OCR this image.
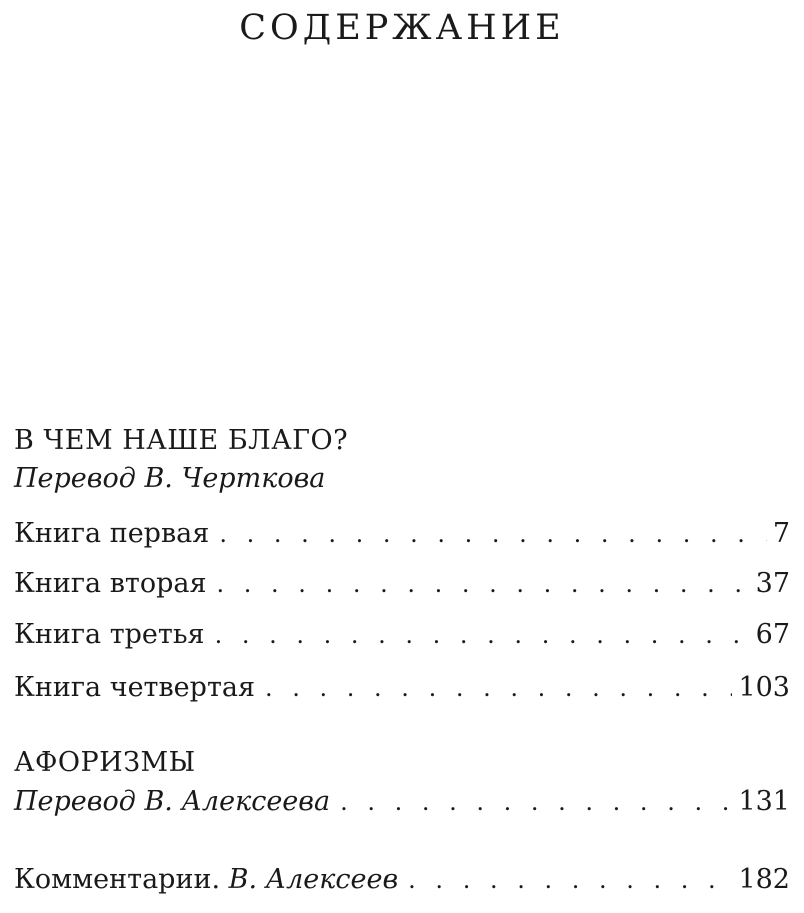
СОДЕРЖАНИЕ
В ЧЕМ НАШЕ БЛАГО?
Перевод В. Черткова
Книга первая . . .	7
Книга вторая . . .	37
Книга третья . . .	67
Книга четвертая . . .	103
АФОРИЗМЫ
Перевод В. Алексеева . . .	131
Комментарии. В. Алексеев . . .	182
